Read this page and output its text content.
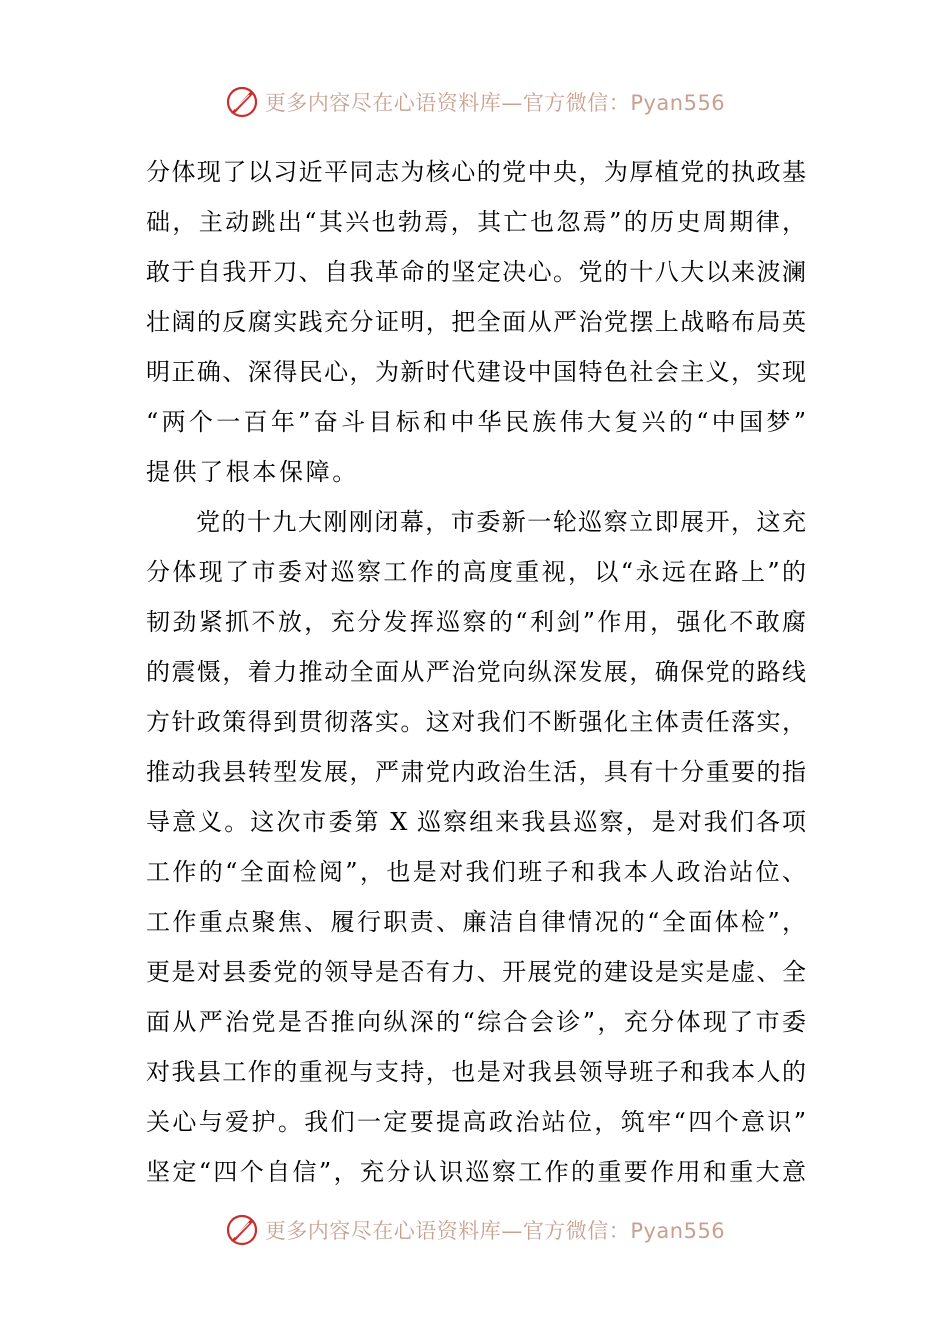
更多内容尽在心语资料库—官方微信：Pyan556
分体现了以习近平同志为核心的党中央，为厚植党的执政基
础，主动跳出“其兴也勃焉，其亡也忽焉”的历史周期律，
敢于自我开刀、自我革命的坚定决心。党的十八大以来波澜
壮阔的反腐实践充分证明，把全面从严治党摆上战略布局英
明正确、深得民心，为新时代建设中国特色社会主义，实现
“两个一百年”奋斗目标和中华民族伟大复兴的“中国梦”
提供了根本保障。
党的十九大刚刚闭幕，市委新一轮巡察立即展开，这充
分体现了市委对巡察工作的高度重视，以“永远在路上”的
韧劲紧抓不放，充分发挥巡察的“利剑”作用，强化不敢腐
的震慑，着力推动全面从严治党向纵深发展，确保党的路线
方针政策得到贯彻落实。这对我们不断强化主体责任落实，
推动我县转型发展，严肃党内政治生活，具有十分重要的指
导意义。这次市委第 X 巡察组来我县巡察，是对我们各项
工作的“全面检阅”，也是对我们班子和我本人政治站位、
工作重点聚焦、履行职责、廉洁自律情况的“全面体检”，
更是对县委党的领导是否有力、开展党的建设是实是虚、全
面从严治党是否推向纵深的“综合会诊”，充分体现了市委
对我县工作的重视与支持，也是对我县领导班子和我本人的
关心与爱护。我们一定要提高政治站位，筑牢“四个意识”
坚定“四个自信”，充分认识巡察工作的重要作用和重大意
更多内容尽在心语资料库—官方微信：Pyan556
